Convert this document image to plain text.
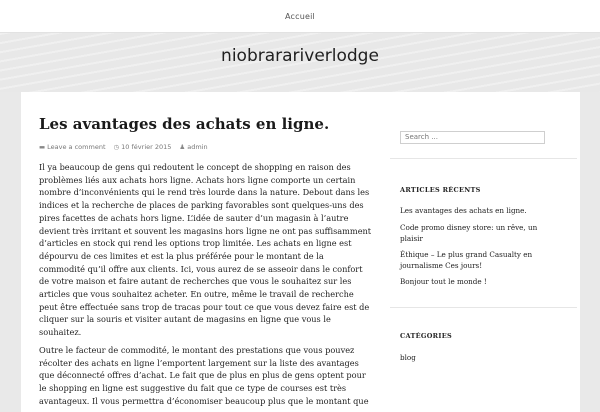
Accueil
niobrarariverlodge
Les avantages des achats en ligne.
▬ Leave a comment ◷ 10 février 2015 ♟ admin

Il ya beaucoup de gens qui redoutent le concept de shopping en raison des problèmes liés aux achats hors ligne. Achats hors ligne comporte un certain nombre d’inconvénients qui le rend très lourde dans la nature. Debout dans les indices et la recherche de places de parking favorables sont quelques-uns des pires facettes de achats hors ligne. L’idée de sauter d’un magasin à l’autre devient très irritant et souvent les magasins hors ligne ne ont pas suffisamment d’articles en stock qui rend les options trop limitée. Les achats en ligne est dépourvu de ces limites et est la plus préférée pour le montant de la commodité qu’il offre aux clients. Ici, vous aurez de se asseoir dans le confort de votre maison et faire autant de recherches que vous le souhaitez sur les articles que vous souhaitez acheter. En outre, même le travail de recherche peut être effectuée sans trop de tracas pour tout ce que vous devez faire est de cliquer sur la souris et visiter autant de magasins en ligne que vous le souhaitez.

Outre le facteur de commodité, le montant des prestations que vous pouvez récolter des achats en ligne l’emportent largement sur la liste des avantages que déconnecté offres d’achat. Le fait que de plus en plus de gens optent pour le shopping en ligne est suggestive du fait que ce type de courses est très avantageux. Il vous permettra d’économiser beaucoup plus que le montant que

Search ...
ARTICLES RÉCENTS
Les avantages des achats en ligne.
Code promo disney store: un rêve, un plaisir
Éthique – Le plus grand Casualty en journalisme Ces jours!
Bonjour tout le monde !
CATÉGORIES
blog
